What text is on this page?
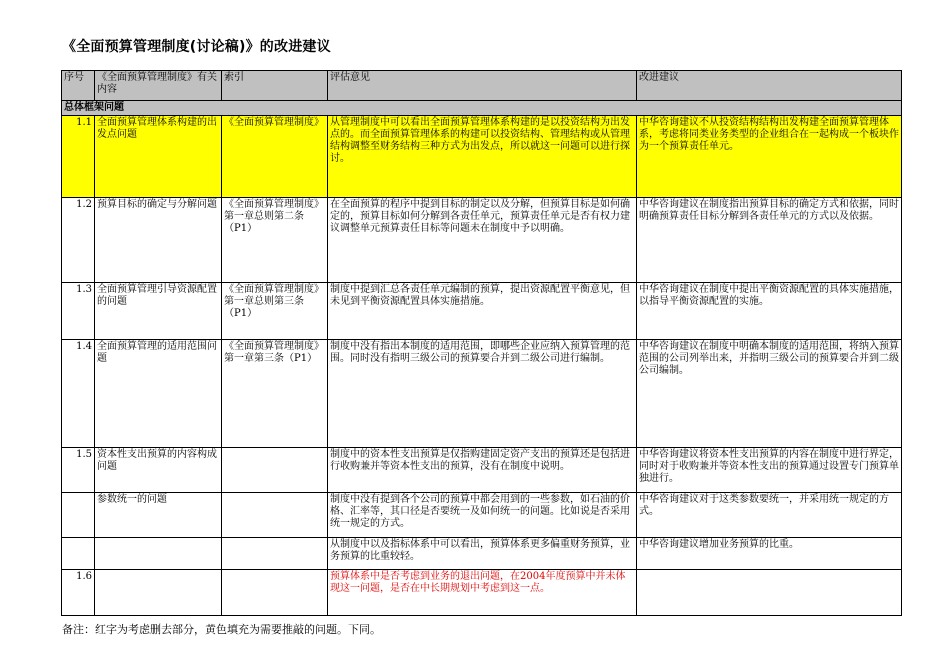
《全面预算管理制度(讨论稿)》的改进建议
序号	《全面预算管理制度》有关内容	索引	评估意见	改进建议
总体框架问题				
1.1	全面预算管理体系构建的出发点问题	《全面预算管理制度》	从管理制度中可以看出全面预算管理体系构建的是以投资结构为出发点的。而全面预算管理体系的构建可以投资结构、管理结构或从管理结构调整至财务结构三种方式为出发点，所以就这一问题可以进行探讨。	中华咨询建议不从投资结构结构出发构建全面预算管理体系，考虑将同类业务类型的企业组合在一起构成一个板块作为一个预算责任单元。
1.2	预算目标的确定与分解问题	《全面预算管理制度》第一章总则第二条（P1）	在全面预算的程序中提到目标的制定以及分解，但预算目标是如何确定的，预算目标如何分解到各责任单元，预算责任单元是否有权力建议调整单元预算责任目标等问题未在制度中予以明确。	中华咨询建议在制度指出预算目标的确定方式和依据，同时明确预算责任目标分解到各责任单元的方式以及依据。
1.3	全面预算管理引导资源配置的问题	《全面预算管理制度》第一章总则第三条（P1）	制度中提到汇总各责任单元编制的预算，提出资源配置平衡意见，但未见到平衡资源配置具体实施措施。	中华咨询建议在制度中提出平衡资源配置的具体实施措施，以指导平衡资源配置的实施。
1.4	全面预算管理的适用范围问题	《全面预算管理制度》第一章第三条（P1）	制度中没有指出本制度的适用范围，即哪些企业应纳入预算管理的范围。同时没有指明三级公司的预算要合并到二级公司进行编制。	中华咨询建议在制度中明确本制度的适用范围，将纳入预算范围的公司列举出来，并指明三级公司的预算要合并到二级公司编制。
1.5	资本性支出预算的内容构成问题		制度中的资本性支出预算是仅指购建固定资产支出的预算还是包括进行收购兼并等资本性支出的预算，没有在制度中说明。	中华咨询建议将资本性支出预算的内容在制度中进行界定，同时对于收购兼并等资本性支出的预算通过设置专门预算单独进行。
	参数统一的问题		制度中没有提到各个公司的预算中都会用到的一些参数，如石油的价格、汇率等，其口径是否要统一及如何统一的问题。比如说是否采用统一规定的方式。	中华咨询建议对于这类参数要统一，并采用统一规定的方式。
			从制度中以及指标体系中可以看出，预算体系更多偏重财务预算，业务预算的比重较轻。	中华咨询建议增加业务预算的比重。
1.6			预算体系中是否考虑到业务的退出问题，在2004年度预算中并未体现这一问题，是否在中长期规划中考虑到这一点。	
备注：红字为考虑删去部分，黄色填充为需要推敲的问题。下同。
